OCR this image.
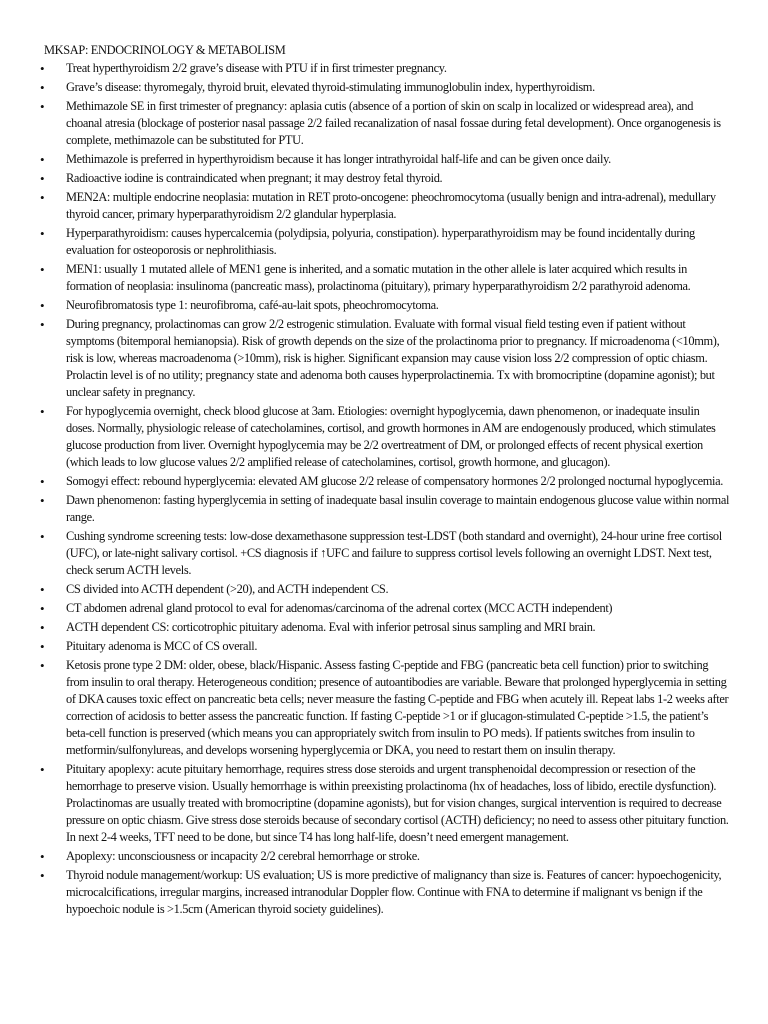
MKSAP: ENDOCRINOLOGY & METABOLISM
• Treat hyperthyroidism 2/2 grave’s disease with PTU if in first trimester pregnancy.
• Grave’s disease: thyromegaly, thyroid bruit, elevated thyroid-stimulating immunoglobulin index, hyperthyroidism.
• Methimazole SE in first trimester of pregnancy: aplasia cutis (absence of a portion of skin on scalp in localized or widespread area), and choanal atresia (blockage of posterior nasal passage 2/2 failed recanalization of nasal fossae during fetal development). Once organogenesis is complete, methimazole can be substituted for PTU.
• Methimazole is preferred in hyperthyroidism because it has longer intrathyroidal half-life and can be given once daily.
• Radioactive iodine is contraindicated when pregnant; it may destroy fetal thyroid.
• MEN2A: multiple endocrine neoplasia: mutation in RET proto-oncogene: pheochromocytoma (usually benign and intra-adrenal), medullary thyroid cancer, primary hyperparathyroidism 2/2 glandular hyperplasia.
• Hyperparathyroidism: causes hypercalcemia (polydipsia, polyuria, constipation). hyperparathyroidism may be found incidentally during evaluation for osteoporosis or nephrolithiasis.
• MEN1: usually 1 mutated allele of MEN1 gene is inherited, and a somatic mutation in the other allele is later acquired which results in formation of neoplasia: insulinoma (pancreatic mass), prolactinoma (pituitary), primary hyperparathyroidism 2/2 parathyroid adenoma.
• Neurofibromatosis type 1: neurofibroma, café-au-lait spots, pheochromocytoma.
• During pregnancy, prolactinomas can grow 2/2 estrogenic stimulation. Evaluate with formal visual field testing even if patient without symptoms (bitemporal hemianopsia). Risk of growth depends on the size of the prolactinoma prior to pregnancy. If microadenoma (<10mm), risk is low, whereas macroadenoma (>10mm), risk is higher. Significant expansion may cause vision loss 2/2 compression of optic chiasm. Prolactin level is of no utility; pregnancy state and adenoma both causes hyperprolactinemia. Tx with bromocriptine (dopamine agonist); but unclear safety in pregnancy.
• For hypoglycemia overnight, check blood glucose at 3am. Etiologies: overnight hypoglycemia, dawn phenomenon, or inadequate insulin doses. Normally, physiologic release of catecholamines, cortisol, and growth hormones in AM are endogenously produced, which stimulates glucose production from liver. Overnight hypoglycemia may be 2/2 overtreatment of DM, or prolonged effects of recent physical exertion (which leads to low glucose values 2/2 amplified release of catecholamines, cortisol, growth hormone, and glucagon).
• Somogyi effect: rebound hyperglycemia: elevated AM glucose 2/2 release of compensatory hormones 2/2 prolonged nocturnal hypoglycemia.
• Dawn phenomenon: fasting hyperglycemia in setting of inadequate basal insulin coverage to maintain endogenous glucose value within normal range.
• Cushing syndrome screening tests: low-dose dexamethasone suppression test-LDST (both standard and overnight), 24-hour urine free cortisol (UFC), or late-night salivary cortisol. +CS diagnosis if ↑UFC and failure to suppress cortisol levels following an overnight LDST. Next test, check serum ACTH levels.
• CS divided into ACTH dependent (>20), and ACTH independent CS.
• CT abdomen adrenal gland protocol to eval for adenomas/carcinoma of the adrenal cortex (MCC ACTH independent)
• ACTH dependent CS: corticotrophic pituitary adenoma. Eval with inferior petrosal sinus sampling and MRI brain.
• Pituitary adenoma is MCC of CS overall.
• Ketosis prone type 2 DM: older, obese, black/Hispanic. Assess fasting C-peptide and FBG (pancreatic beta cell function) prior to switching from insulin to oral therapy. Heterogeneous condition; presence of autoantibodies are variable. Beware that prolonged hyperglycemia in setting of DKA causes toxic effect on pancreatic beta cells; never measure the fasting C-peptide and FBG when acutely ill. Repeat labs 1-2 weeks after correction of acidosis to better assess the pancreatic function. If fasting C-peptide >1 or if glucagon-stimulated C-peptide >1.5, the patient’s beta-cell function is preserved (which means you can appropriately switch from insulin to PO meds). If patients switches from insulin to metformin/sulfonylureas, and develops worsening hyperglycemia or DKA, you need to restart them on insulin therapy.
• Pituitary apoplexy: acute pituitary hemorrhage, requires stress dose steroids and urgent transphenoidal decompression or resection of the hemorrhage to preserve vision. Usually hemorrhage is within preexisting prolactinoma (hx of headaches, loss of libido, erectile dysfunction). Prolactinomas are usually treated with bromocriptine (dopamine agonists), but for vision changes, surgical intervention is required to decrease pressure on optic chiasm. Give stress dose steroids because of secondary cortisol (ACTH) deficiency; no need to assess other pituitary function. In next 2-4 weeks, TFT need to be done, but since T4 has long half-life, doesn’t need emergent management.
• Apoplexy: unconsciousness or incapacity 2/2 cerebral hemorrhage or stroke.
• Thyroid nodule management/workup: US evaluation; US is more predictive of malignancy than size is. Features of cancer: hypoechogenicity, microcalcifications, irregular margins, increased intranodular Doppler flow. Continue with FNA to determine if malignant vs benign if the hypoechoic nodule is >1.5cm (American thyroid society guidelines).
